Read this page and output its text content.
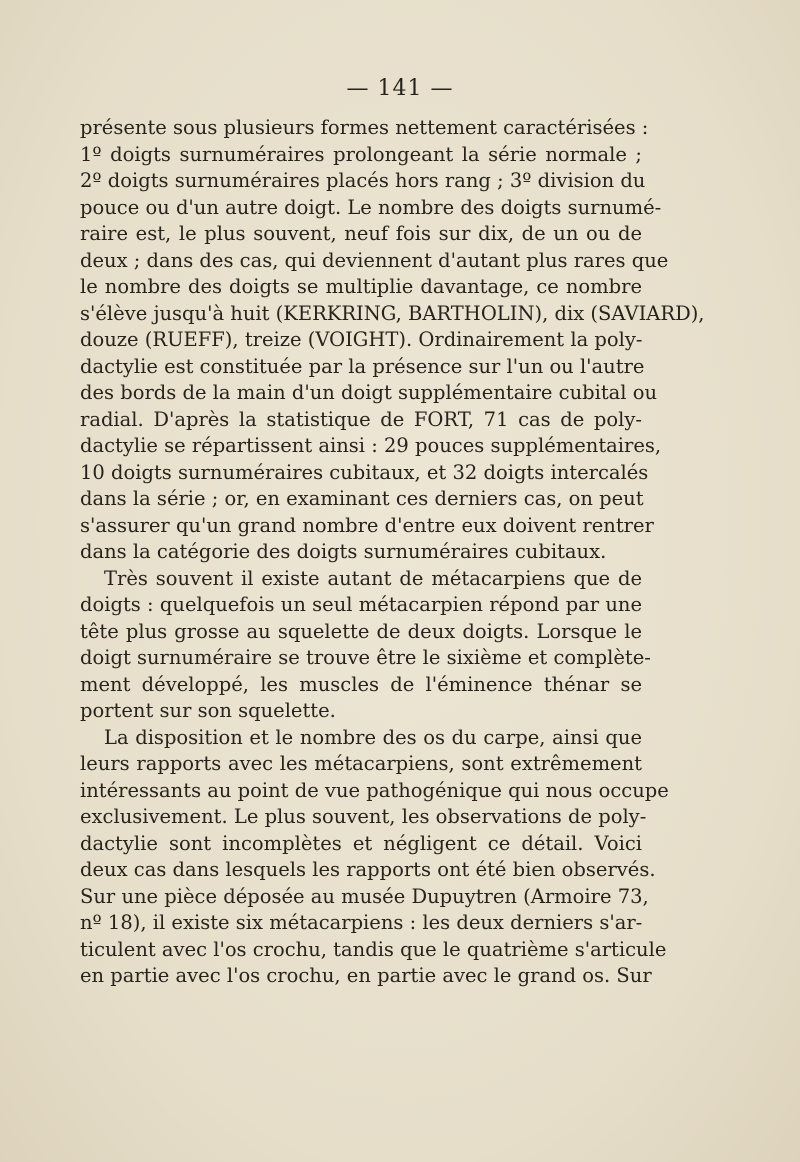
— 141 —
présente sous plusieurs formes nettement caractérisées :
1º doigts surnuméraires prolongeant la série normale ;
2º doigts surnuméraires placés hors rang ; 3º division du
pouce ou d'un autre doigt. Le nombre des doigts surnumé-
raire est, le plus souvent, neuf fois sur dix, de un ou de
deux ; dans des cas, qui deviennent d'autant plus rares que
le nombre des doigts se multiplie davantage, ce nombre
s'élève jusqu'à huit (KERKRING, BARTHOLIN), dix (SAVIARD),
douze (RUEFF), treize (VOIGHT). Ordinairement la poly-
dactylie est constituée par la présence sur l'un ou l'autre
des bords de la main d'un doigt supplémentaire cubital ou
radial. D'après la statistique de FORT, 71 cas de poly-
dactylie se répartissent ainsi : 29 pouces supplémentaires,
10 doigts surnuméraires cubitaux, et 32 doigts intercalés
dans la série ; or, en examinant ces derniers cas, on peut
s'assurer qu'un grand nombre d'entre eux doivent rentrer
dans la catégorie des doigts surnuméraires cubitaux.
Très souvent il existe autant de métacarpiens que de
doigts : quelquefois un seul métacarpien répond par une
tête plus grosse au squelette de deux doigts. Lorsque le
doigt surnuméraire se trouve être le sixième et complète-
ment développé, les muscles de l'éminence thénar se
portent sur son squelette.
La disposition et le nombre des os du carpe, ainsi que
leurs rapports avec les métacarpiens, sont extrêmement
intéressants au point de vue pathogénique qui nous occupe
exclusivement. Le plus souvent, les observations de poly-
dactylie sont incomplètes et négligent ce détail. Voici
deux cas dans lesquels les rapports ont été bien observés.
Sur une pièce déposée au musée Dupuytren (Armoire 73,
nº 18), il existe six métacarpiens : les deux derniers s'ar-
ticulent avec l'os crochu, tandis que le quatrième s'articule
en partie avec l'os crochu, en partie avec le grand os. Sur
